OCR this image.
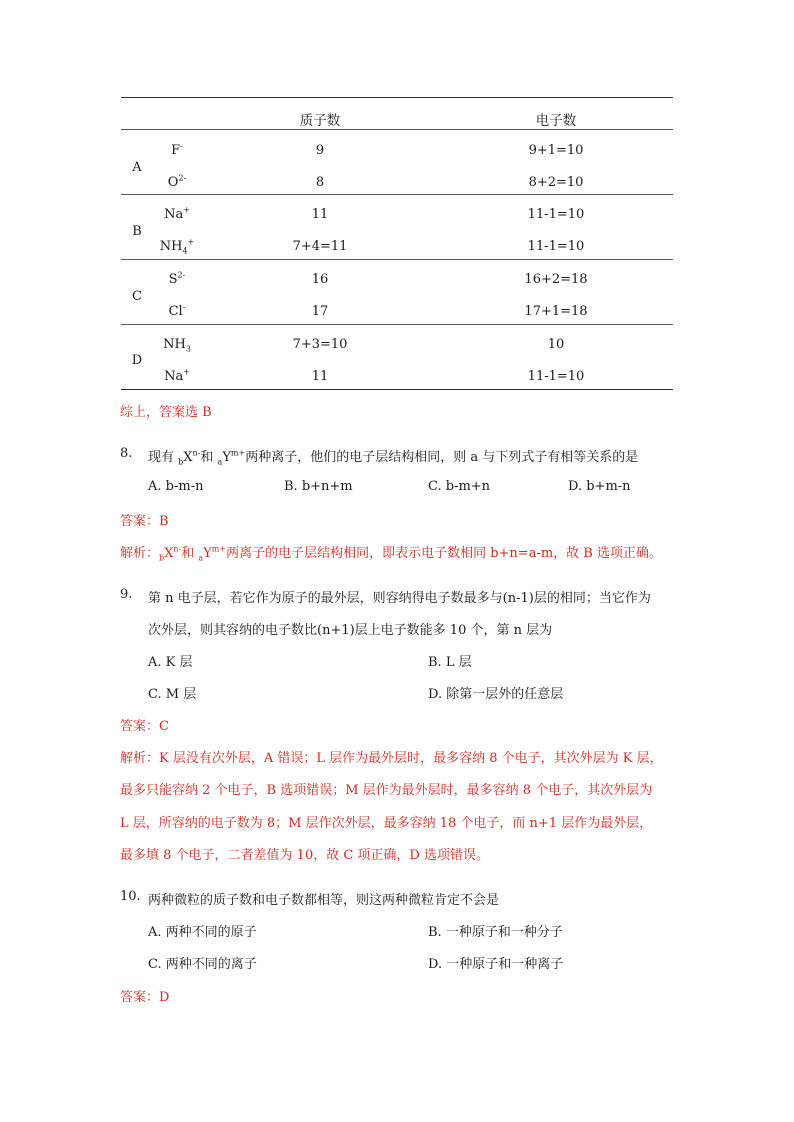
质子数	电子数
A
F-	9	9+1=10
$O^{2-}$	8	8+2=10
B
Na+	11	11-1=10
$NH_4^+$	7+4=11	11-1=10
C
$S^{2-}$	16	16+2=18
Cl-	17	17+1=18
D
$NH_3$	7+3=10	10
Na+	11	11-1=10
综上，答案选 B
8. 现有 $_bX^{n-}$和 $_aY^{m+}$两种离子，他们的电子层结构相同，则 a 与下列式子有相等关系的是
A. b-m-n	B. b+n+m	C. b-m+n	D. b+m-n
答案：B
解析：$_bX^{n-}$和 $_aY^{m+}$两离子的电子层结构相同，即表示电子数相同 b+n=a-m，故 B 选项正确。
9. 第 n 电子层，若它作为原子的最外层，则容纳得电子数最多与(n-1)层的相同；当它作为
次外层，则其容纳的电子数比(n+1)层上电子数能多 10 个，第 n 层为
A. K 层	B. L 层
C. M 层	D. 除第一层外的任意层
答案：C
解析：K 层没有次外层，A 错误；L 层作为最外层时，最多容纳 8 个电子，其次外层为 K 层，
最多只能容纳 2 个电子，B 选项错误；M 层作为最外层时，最多容纳 8 个电子，其次外层为
L 层，所容纳的电子数为 8；M 层作次外层，最多容纳 18 个电子，而 n+1 层作为最外层，
最多填 8 个电子，二者差值为 10，故 C 项正确，D 选项错误。
10. 两种微粒的质子数和电子数都相等，则这两种微粒肯定不会是
A. 两种不同的原子	B. 一种原子和一种分子
C. 两种不同的离子	D. 一种原子和一种离子
答案：D
